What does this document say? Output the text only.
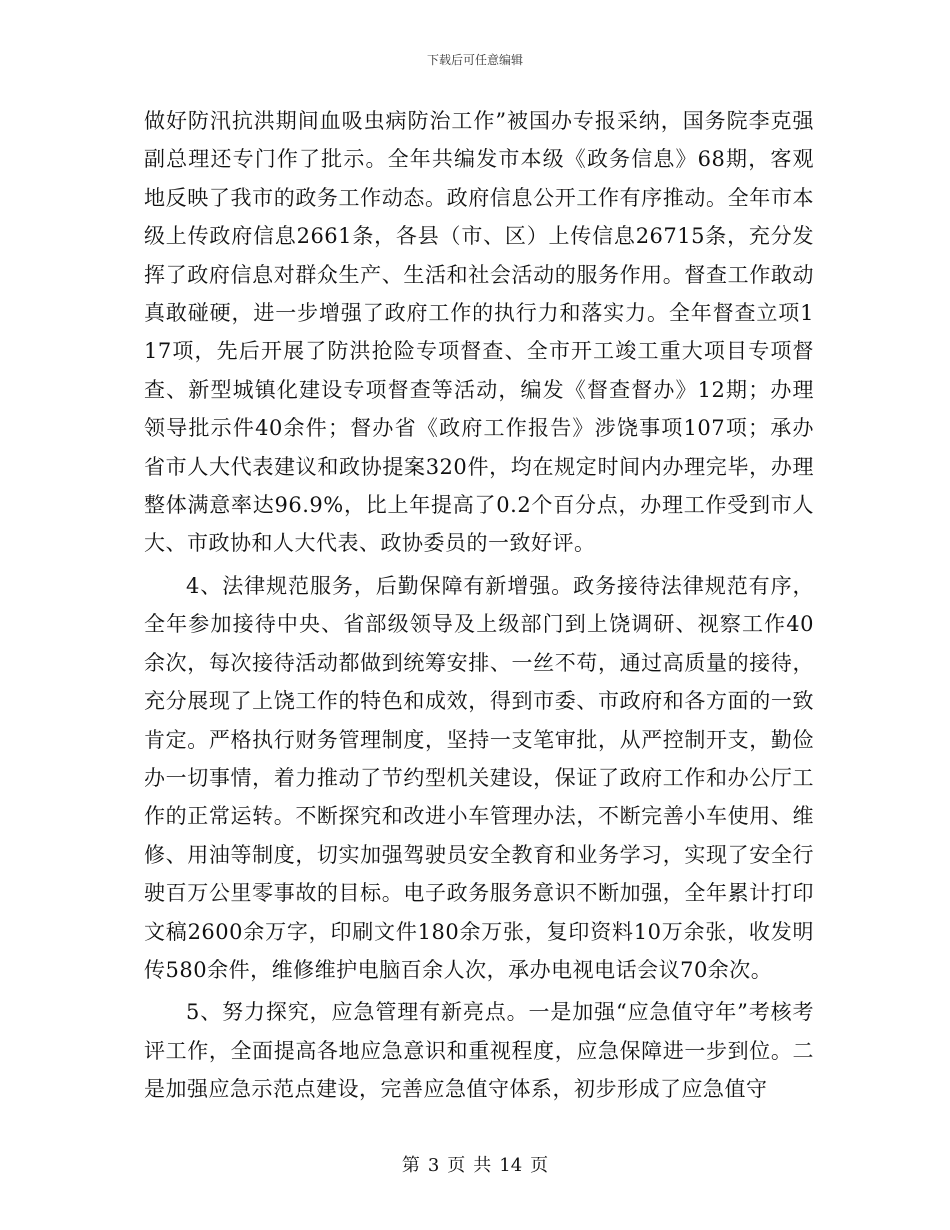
下载后可任意编辑

做好防汛抗洪期间血吸虫病防治工作”被国办专报采纳，国务院李克强副总理还专门作了批示。全年共编发市本级《政务信息》68期，客观地反映了我市的政务工作动态。政府信息公开工作有序推动。全年市本级上传政府信息2661条，各县（市、区）上传信息26715条，充分发挥了政府信息对群众生产、生活和社会活动的服务作用。督查工作敢动真敢碰硬，进一步增强了政府工作的执行力和落实力。全年督查立项117项，先后开展了防洪抢险专项督查、全市开工竣工重大项目专项督查、新型城镇化建设专项督查等活动，编发《督查督办》12期；办理领导批示件40余件；督办省《政府工作报告》涉饶事项107项；承办省市人大代表建议和政协提案320件，均在规定时间内办理完毕，办理整体满意率达96.9%，比上年提高了0.2个百分点，办理工作受到市人大、市政协和人大代表、政协委员的一致好评。

4、法律规范服务，后勤保障有新增强。政务接待法律规范有序，全年参加接待中央、省部级领导及上级部门到上饶调研、视察工作40余次，每次接待活动都做到统筹安排、一丝不苟，通过高质量的接待，充分展现了上饶工作的特色和成效，得到市委、市政府和各方面的一致肯定。严格执行财务管理制度，坚持一支笔审批，从严控制开支，勤俭办一切事情，着力推动了节约型机关建设，保证了政府工作和办公厅工作的正常运转。不断探究和改进小车管理办法，不断完善小车使用、维修、用油等制度，切实加强驾驶员安全教育和业务学习，实现了安全行驶百万公里零事故的目标。电子政务服务意识不断加强，全年累计打印文稿2600余万字，印刷文件180余万张，复印资料10万余张，收发明传580余件，维修维护电脑百余人次，承办电视电话会议70余次。

5、努力探究，应急管理有新亮点。一是加强“应急值守年”考核考评工作，全面提高各地应急意识和重视程度，应急保障进一步到位。二是加强应急示范点建设，完善应急值守体系，初步形成了应急值守

第 3 页 共 14 页
